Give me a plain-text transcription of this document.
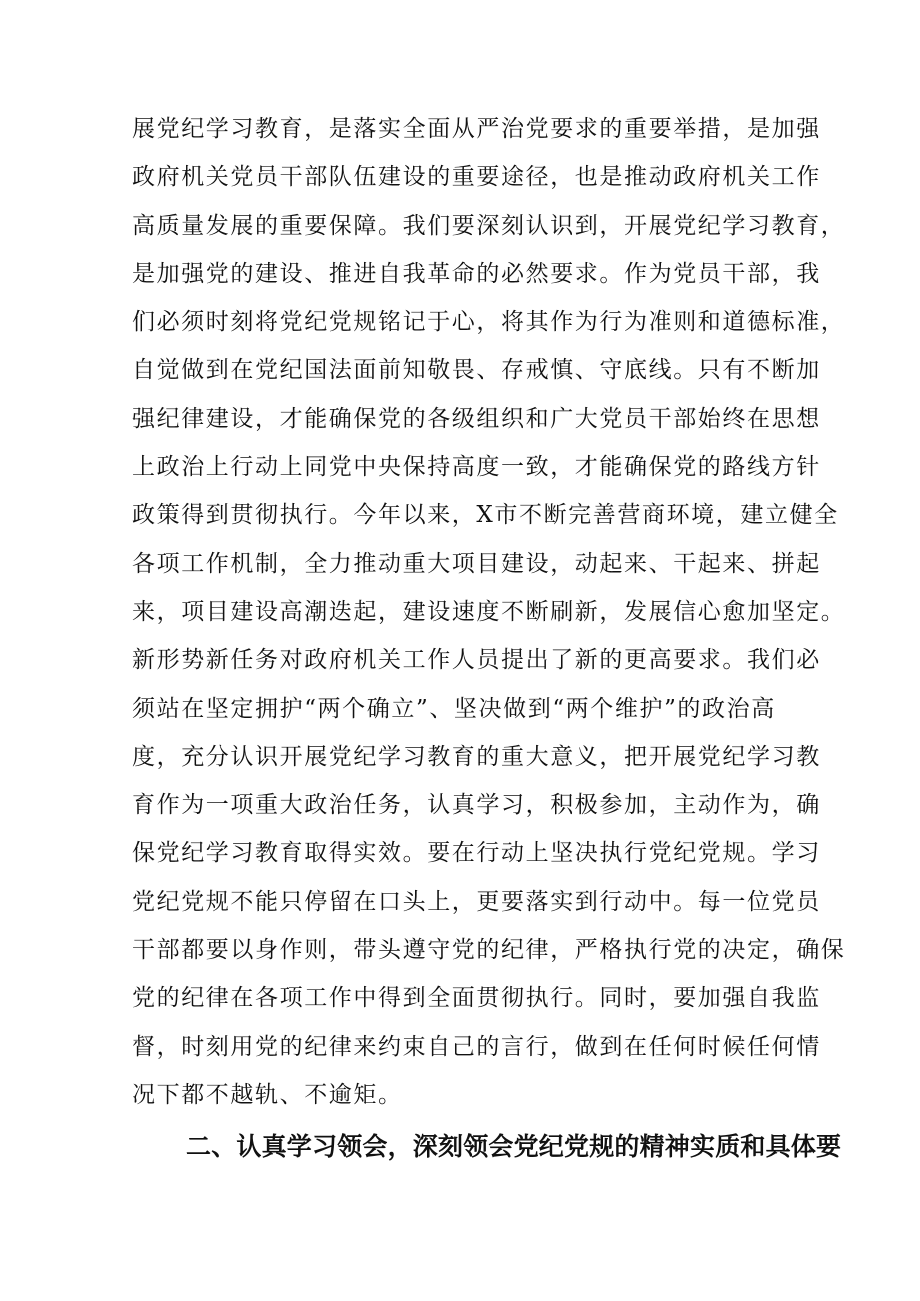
展党纪学习教育，是落实全面从严治党要求的重要举措，是加强
政府机关党员干部队伍建设的重要途径，也是推动政府机关工作
高质量发展的重要保障。我们要深刻认识到，开展党纪学习教育，
是加强党的建设、推进自我革命的必然要求。作为党员干部，我
们必须时刻将党纪党规铭记于心，将其作为行为准则和道德标准，
自觉做到在党纪国法面前知敬畏、存戒慎、守底线。只有不断加
强纪律建设，才能确保党的各级组织和广大党员干部始终在思想
上政治上行动上同党中央保持高度一致，才能确保党的路线方针
政策得到贯彻执行。今年以来，X市不断完善营商环境，建立健全
各项工作机制，全力推动重大项目建设，动起来、干起来、拼起
来，项目建设高潮迭起，建设速度不断刷新，发展信心愈加坚定。
新形势新任务对政府机关工作人员提出了新的更高要求。我们必
须站在坚定拥护“两个确立”、坚决做到“两个维护”的政治高
度，充分认识开展党纪学习教育的重大意义，把开展党纪学习教
育作为一项重大政治任务，认真学习，积极参加，主动作为，确
保党纪学习教育取得实效。要在行动上坚决执行党纪党规。学习
党纪党规不能只停留在口头上，更要落实到行动中。每一位党员
干部都要以身作则，带头遵守党的纪律，严格执行党的决定，确保
党的纪律在各项工作中得到全面贯彻执行。同时，要加强自我监
督，时刻用党的纪律来约束自己的言行，做到在任何时候任何情
况下都不越轨、不逾矩。
二、认真学习领会，深刻领会党纪党规的精神实质和具体要
